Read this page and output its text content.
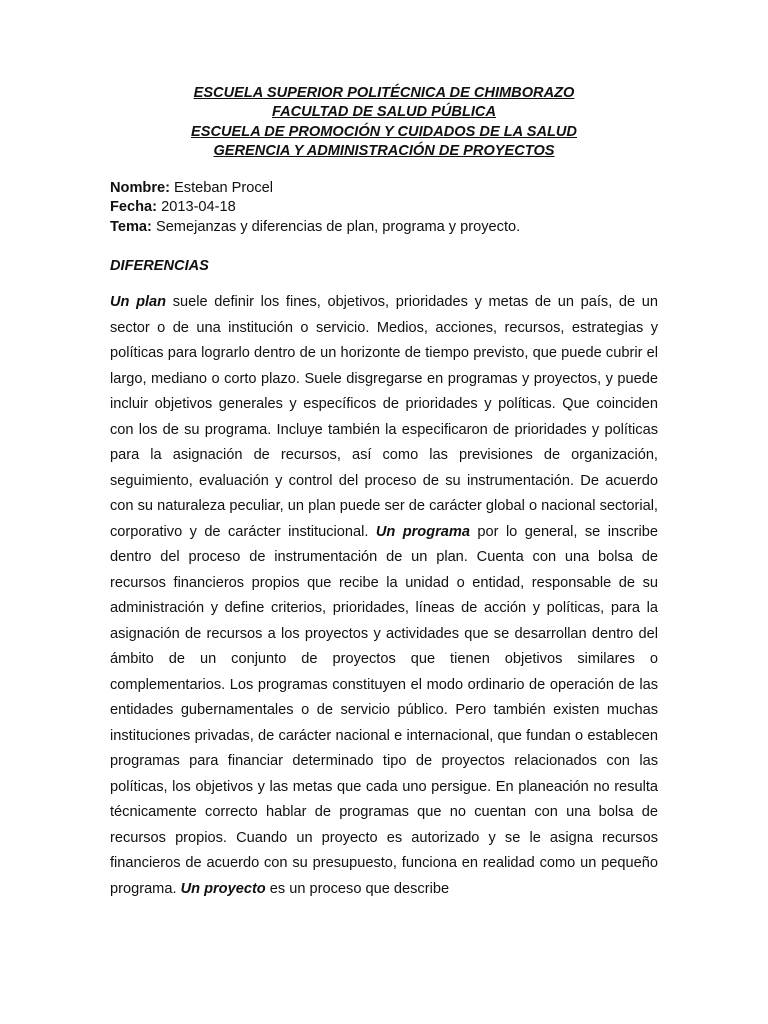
ESCUELA SUPERIOR POLITÉCNICA DE CHIMBORAZO
FACULTAD DE SALUD PÚBLICA
ESCUELA DE PROMOCIÓN Y CUIDADOS DE LA SALUD
GERENCIA Y ADMINISTRACIÓN DE PROYECTOS
Nombre: Esteban Procel
Fecha: 2013-04-18
Tema: Semejanzas y diferencias de plan, programa y proyecto.
DIFERENCIAS
Un plan suele definir los fines, objetivos, prioridades y metas de un país, de un sector o de una institución o servicio. Medios, acciones, recursos, estrategias y políticas para lograrlo dentro de un horizonte de tiempo previsto, que puede cubrir el largo, mediano o corto plazo. Suele disgregarse en programas y proyectos, y puede incluir objetivos generales y específicos de prioridades y políticas. Que coinciden con los de su programa. Incluye también la especificaron de prioridades y políticas para la asignación de recursos, así como las previsiones de organización, seguimiento, evaluación y control del proceso de su instrumentación. De acuerdo con su naturaleza peculiar, un plan puede ser de carácter global o nacional sectorial, corporativo y de carácter institucional. Un programa por lo general, se inscribe dentro del proceso de instrumentación de un plan. Cuenta con una bolsa de recursos financieros propios que recibe la unidad o entidad, responsable de su administración y define criterios, prioridades, líneas de acción y políticas, para la asignación de recursos a los proyectos y actividades que se desarrollan dentro del ámbito de un conjunto de proyectos que tienen objetivos similares o complementarios. Los programas constituyen el modo ordinario de operación de las entidades gubernamentales o de servicio público. Pero también existen muchas instituciones privadas, de carácter nacional e internacional, que fundan o establecen programas para financiar determinado tipo de proyectos relacionados con las políticas, los objetivos y las metas que cada uno persigue. En planeación no resulta técnicamente correcto hablar de programas que no cuentan con una bolsa de recursos propios. Cuando un proyecto es autorizado y se le asigna recursos financieros de acuerdo con su presupuesto, funciona en realidad como un pequeño programa. Un proyecto es un proceso que describe
